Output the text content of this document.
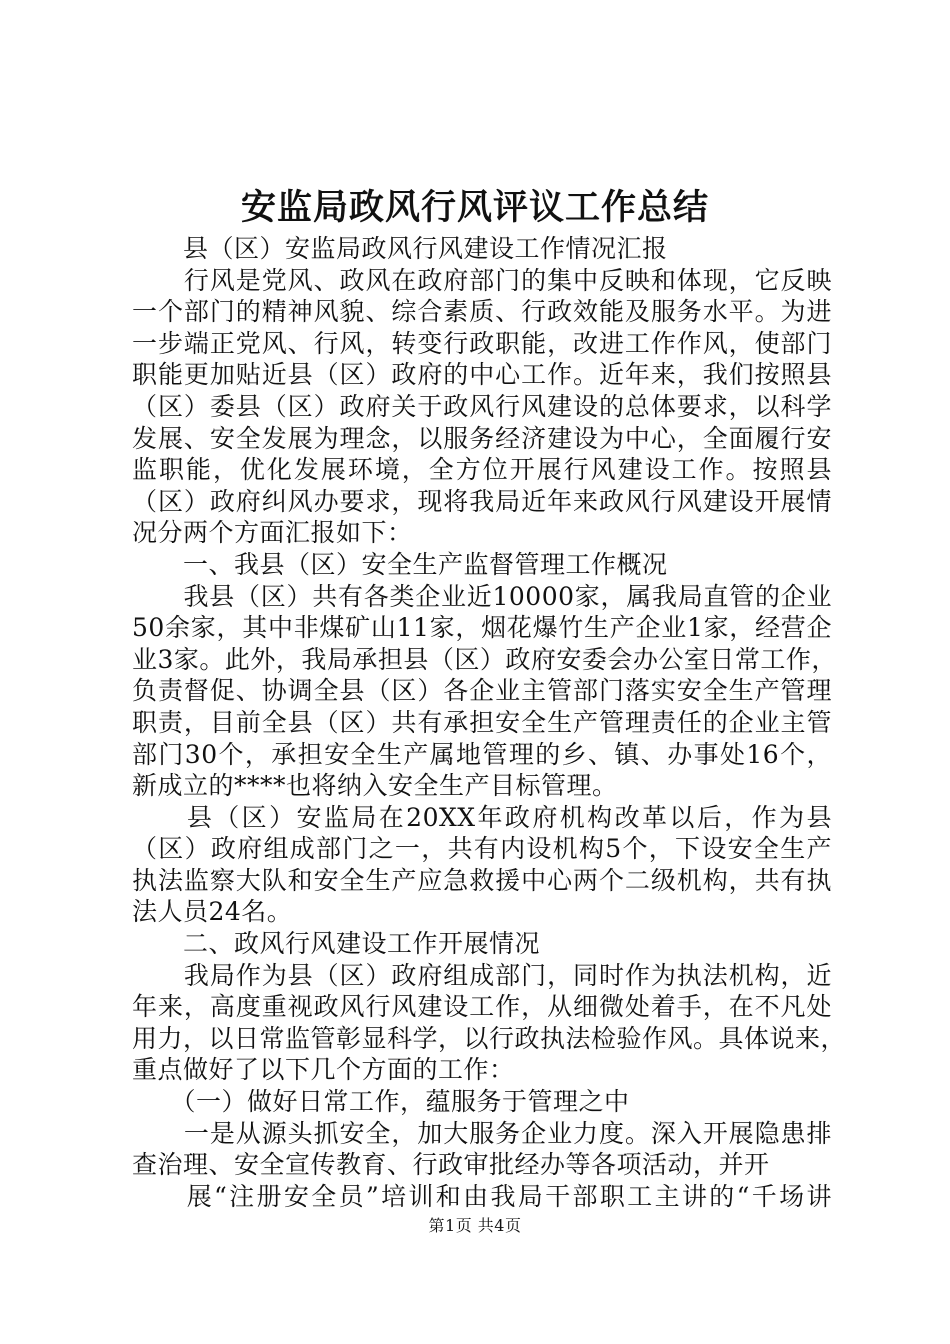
安监局政风行风评议工作总结
　　县（区）安监局政风行风建设工作情况汇报
　　行风是党风、政风在政府部门的集中反映和体现，它反映
一个部门的精神风貌、综合素质、行政效能及服务水平。为进
一步端正党风、行风，转变行政职能，改进工作作风，使部门
职能更加贴近县（区）政府的中心工作。近年来，我们按照县
（区）委县（区）政府关于政风行风建设的总体要求，以科学
发展、安全发展为理念，以服务经济建设为中心，全面履行安
监职能，优化发展环境，全方位开展行风建设工作。按照县
（区）政府纠风办要求，现将我局近年来政风行风建设开展情
况分两个方面汇报如下：
　　一、我县（区）安全生产监督管理工作概况
　　我县（区）共有各类企业近10000家，属我局直管的企业
50余家，其中非煤矿山11家，烟花爆竹生产企业1家，经营企
业3家。此外，我局承担县（区）政府安委会办公室日常工作，
负责督促、协调全县（区）各企业主管部门落实安全生产管理
职责，目前全县（区）共有承担安全生产管理责任的企业主管
部门30个，承担安全生产属地管理的乡、镇、办事处16个，
新成立的****也将纳入安全生产目标管理。
　　县（区）安监局在20XX年政府机构改革以后，作为县
（区）政府组成部门之一，共有内设机构5个，下设安全生产
执法监察大队和安全生产应急救援中心两个二级机构，共有执
法人员24名。
　　二、政风行风建设工作开展情况
　　我局作为县（区）政府组成部门，同时作为执法机构，近
年来，高度重视政风行风建设工作，从细微处着手，在不凡处
用力，以日常监管彰显科学，以行政执法检验作风。具体说来，
重点做好了以下几个方面的工作：
　　（一）做好日常工作，蕴服务于管理之中
　　一是从源头抓安全，加大服务企业力度。深入开展隐患排
查治理、安全宣传教育、行政审批经办等各项活动，并开
　　展“注册安全员”培训和由我局干部职工主讲的“千场讲
第1页 共4页
